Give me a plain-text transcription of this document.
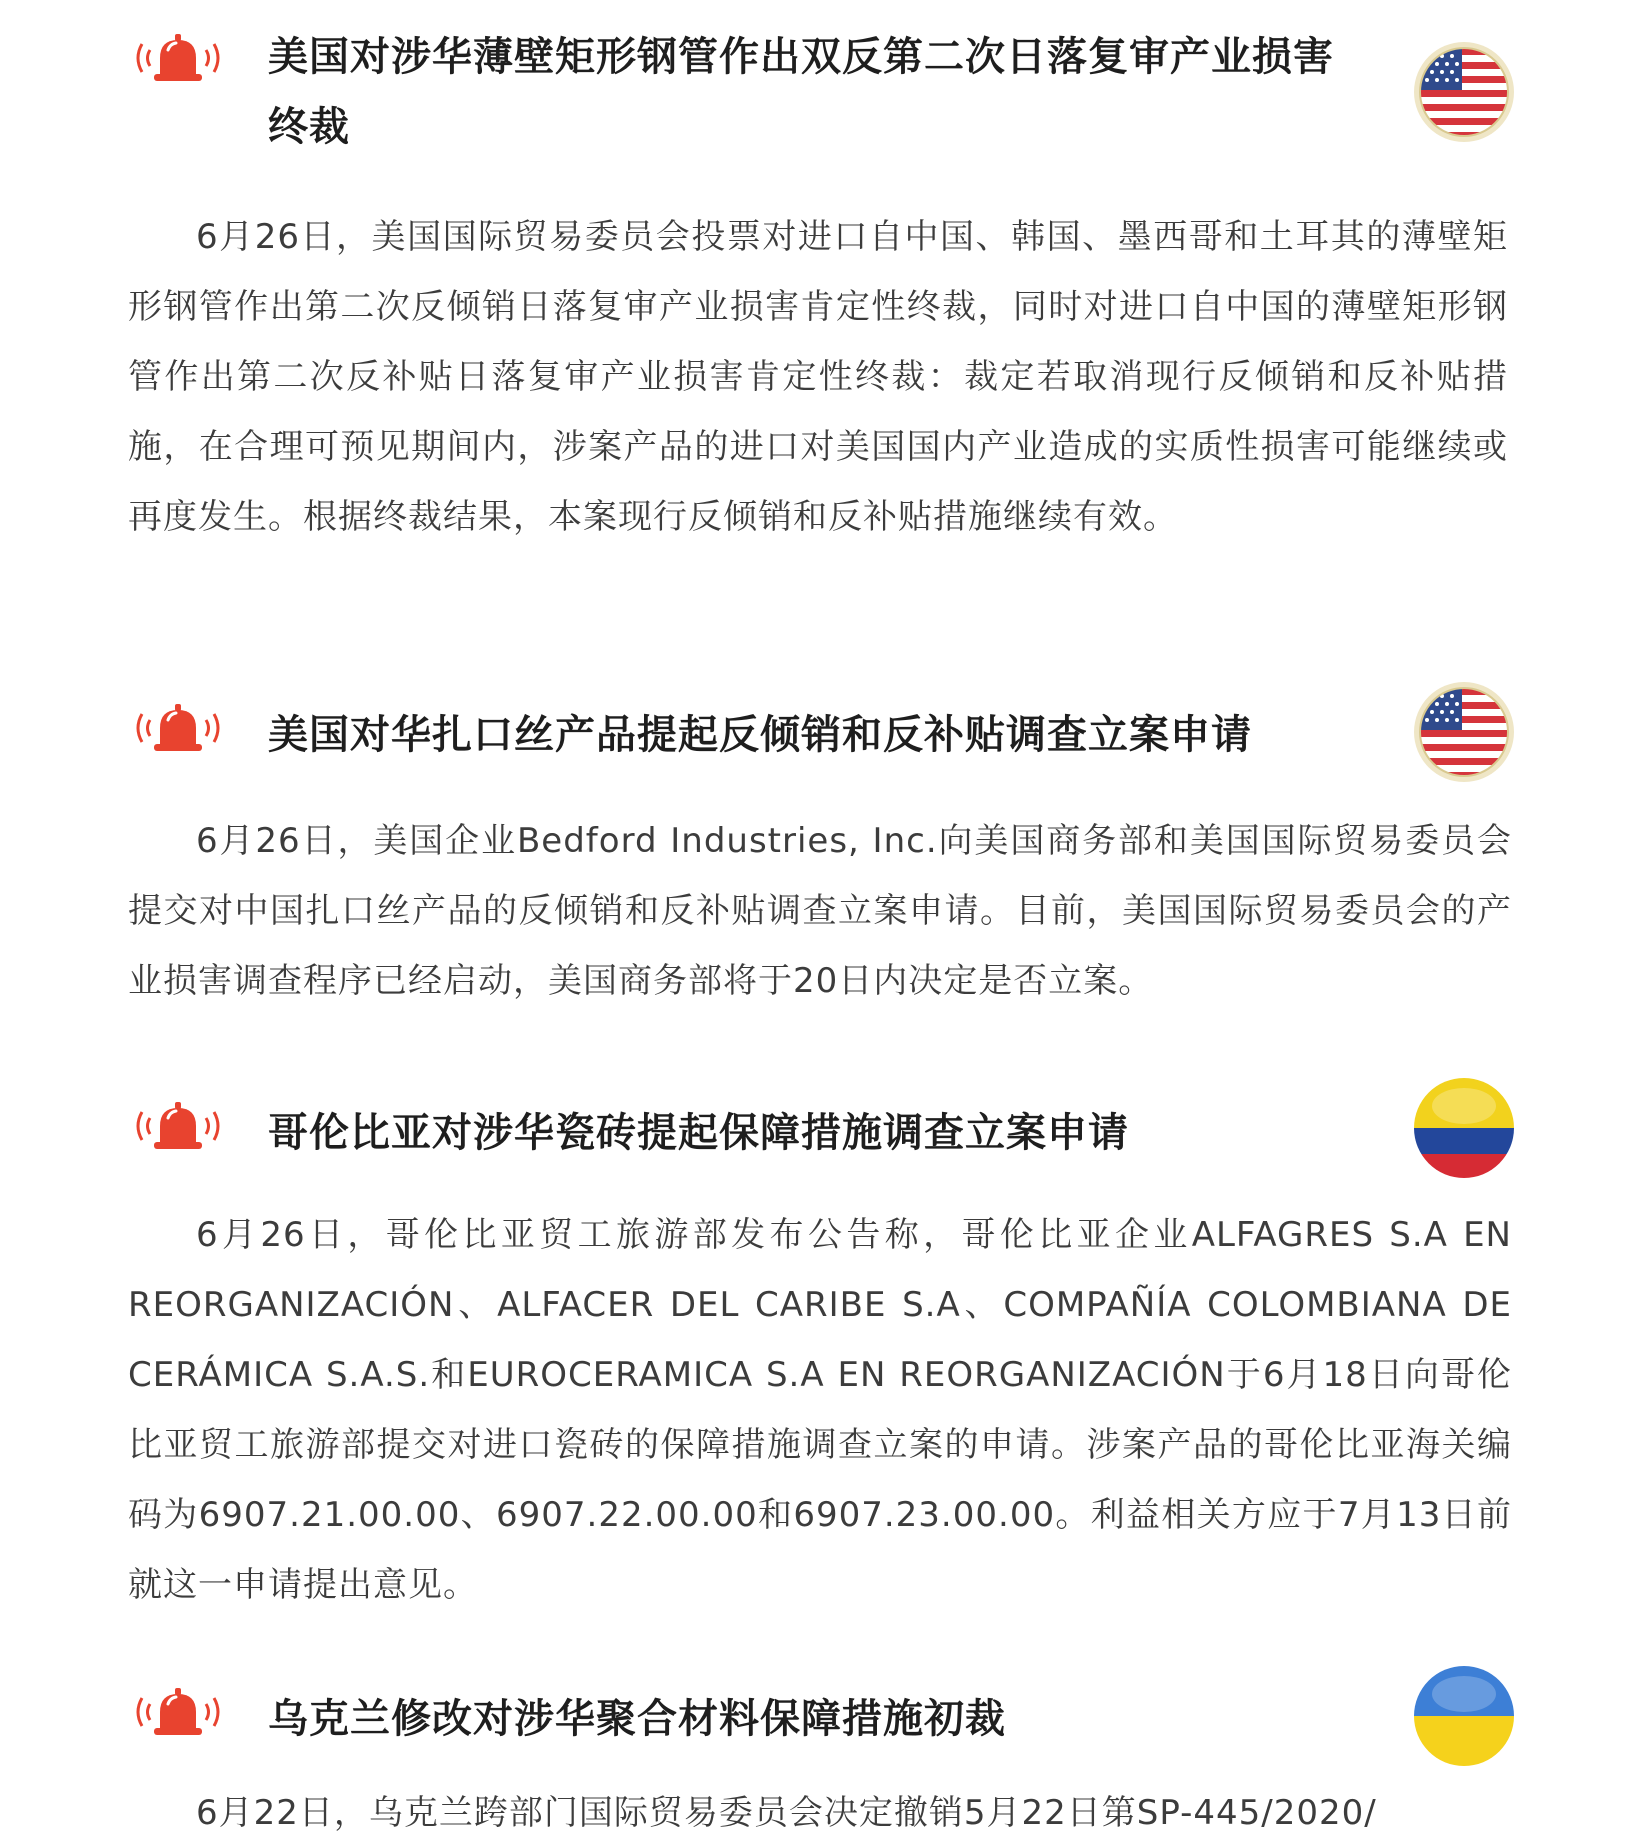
美国对涉华薄壁矩形钢管作出双反第二次日落复审产业损害终裁

6月26日，美国国际贸易委员会投票对进口自中国、韩国、墨西哥和土耳其的薄壁矩形钢管作出第二次反倾销日落复审产业损害肯定性终裁，同时对进口自中国的薄壁矩形钢管作出第二次反补贴日落复审产业损害肯定性终裁：裁定若取消现行反倾销和反补贴措施，在合理可预见期间内，涉案产品的进口对美国国内产业造成的实质性损害可能继续或再度发生。根据终裁结果，本案现行反倾销和反补贴措施继续有效。

美国对华扎口丝产品提起反倾销和反补贴调查立案申请

6月26日，美国企业Bedford Industries, Inc.向美国商务部和美国国际贸易委员会提交对中国扎口丝产品的反倾销和反补贴调查立案申请。目前，美国国际贸易委员会的产业损害调查程序已经启动，美国商务部将于20日内决定是否立案。

哥伦比亚对涉华瓷砖提起保障措施调查立案申请

6月26日，哥伦比亚贸工旅游部发布公告称，哥伦比亚企业ALFAGRES S.A EN REORGANIZACIÓN、ALFACER DEL CARIBE S.A、COMPAÑÍA COLOMBIANA DE CERÁMICA S.A.S.和EUROCERAMICA S.A EN REORGANIZACIÓN于6月18日向哥伦比亚贸工旅游部提交对进口瓷砖的保障措施调查立案的申请。涉案产品的哥伦比亚海关编码为6907.21.00.00、6907.22.00.00和6907.23.00.00。利益相关方应于7月13日前就这一申请提出意见。

乌克兰修改对涉华聚合材料保障措施初裁

6月22日，乌克兰跨部门国际贸易委员会决定撤销5月22日第SP-445/2020/
